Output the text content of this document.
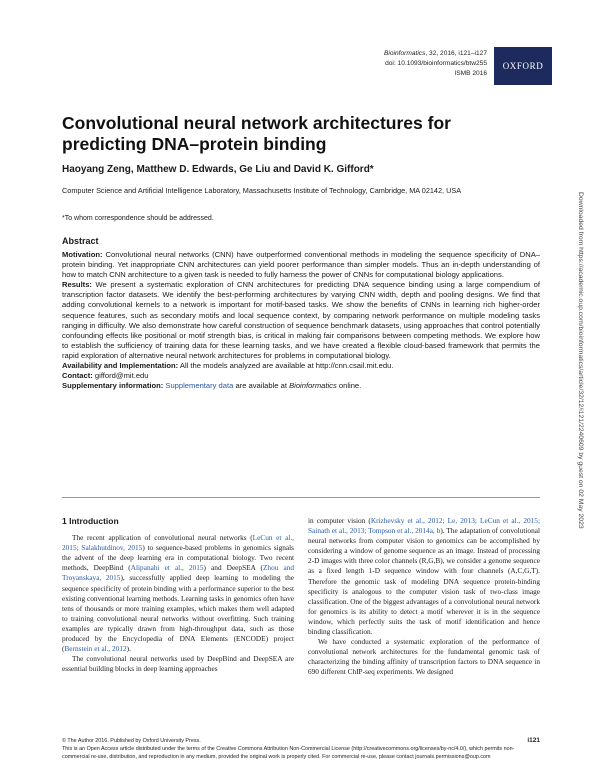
Bioinformatics, 32, 2016, i121–i127
doi: 10.1093/bioinformatics/btw255
ISMB 2016
OXFORD
Convolutional neural network architectures for predicting DNA–protein binding
Haoyang Zeng, Matthew D. Edwards, Ge Liu and David K. Gifford*
Computer Science and Artificial Intelligence Laboratory, Massachusetts Institute of Technology, Cambridge, MA 02142, USA
*To whom correspondence should be addressed.
Abstract

Motivation: Convolutional neural networks (CNN) have outperformed conventional methods in modeling the sequence specificity of DNA–protein binding. Yet inappropriate CNN architectures can yield poorer performance than simpler models. Thus an in-depth understanding of how to match CNN architecture to a given task is needed to fully harness the power of CNNs for computational biology applications.

Results: We present a systematic exploration of CNN architectures for predicting DNA sequence binding using a large compendium of transcription factor datasets. We identify the best-performing architectures by varying CNN width, depth and pooling designs. We find that adding convolutional kernels to a network is important for motif-based tasks. We show the benefits of CNNs in learning rich higher-order sequence features, such as secondary motifs and local sequence context, by comparing network performance on multiple modeling tasks ranging in difficulty. We also demonstrate how careful construction of sequence benchmark datasets, using approaches that control potentially confounding effects like positional or motif strength bias, is critical in making fair comparisons between competing methods. We explore how to establish the sufficiency of training data for these learning tasks, and we have created a flexible cloud-based framework that permits the rapid exploration of alternative neural network architectures for problems in computational biology.

Availability and Implementation: All the models analyzed are available at http://cnn.csail.mit.edu.

Contact: gifford@mit.edu

Supplementary information: Supplementary data are available at Bioinformatics online.

1 Introduction

The recent application of convolutional neural networks (LeCun et al., 2015; Salakhutdinov, 2015) to sequence-based problems in genomics signals the advent of the deep learning era in computational biology. Two recent methods, DeepBind (Alipanahi et al., 2015) and DeepSEA (Zhou and Troyanskaya, 2015), successfully applied deep learning to modeling the sequence specificity of protein binding with a performance superior to the best existing conventional learning methods. Learning tasks in genomics often have tens of thousands or more training examples, which makes them well adapted to training convolutional neural networks without overfitting. Such training examples are typically drawn from high-throughput data, such as those produced by the Encyclopedia of DNA Elements (ENCODE) project (Bernstein et al., 2012).

The convolutional neural networks used by DeepBind and DeepSEA are essential building blocks in deep learning approaches

in computer vision (Krizhevsky et al., 2012; Le, 2013; LeCun et al., 2015; Sainath et al., 2013; Tompson et al., 2014a, b). The adaptation of convolutional neural networks from computer vision to genomics can be accomplished by considering a window of genome sequence as an image. Instead of processing 2-D images with three color channels (R,G,B), we consider a genome sequence as a fixed length 1-D sequence window with four channels (A,C,G,T). Therefore the genomic task of modeling DNA sequence protein-binding specificity is analogous to the computer vision task of two-class image classification. One of the biggest advantages of a convolutional neural network for genomics is its ability to detect a motif wherever it is in the sequence window, which perfectly suits the task of motif identification and hence binding classification.

We have conducted a systematic exploration of the performance of convolutional network architectures for the fundamental genomic task of characterizing the binding affinity of transcription factors to DNA sequence in 690 different ChIP-seq experiments. We designed

Downloaded from https://academic.oup.com/bioinformatics/article/32/12/i121/2240609 by guest on 02 May 2023
© The Author 2016. Published by Oxford University Press.	i121
This is an Open Access article distributed under the terms of the Creative Commons Attribution Non-Commercial License (http://creativecommons.org/licenses/by-nc/4.0/), which permits non-commercial re-use, distribution, and reproduction in any medium, provided the original work is properly cited. For commercial re-use, please contact journals.permissions@oup.com
